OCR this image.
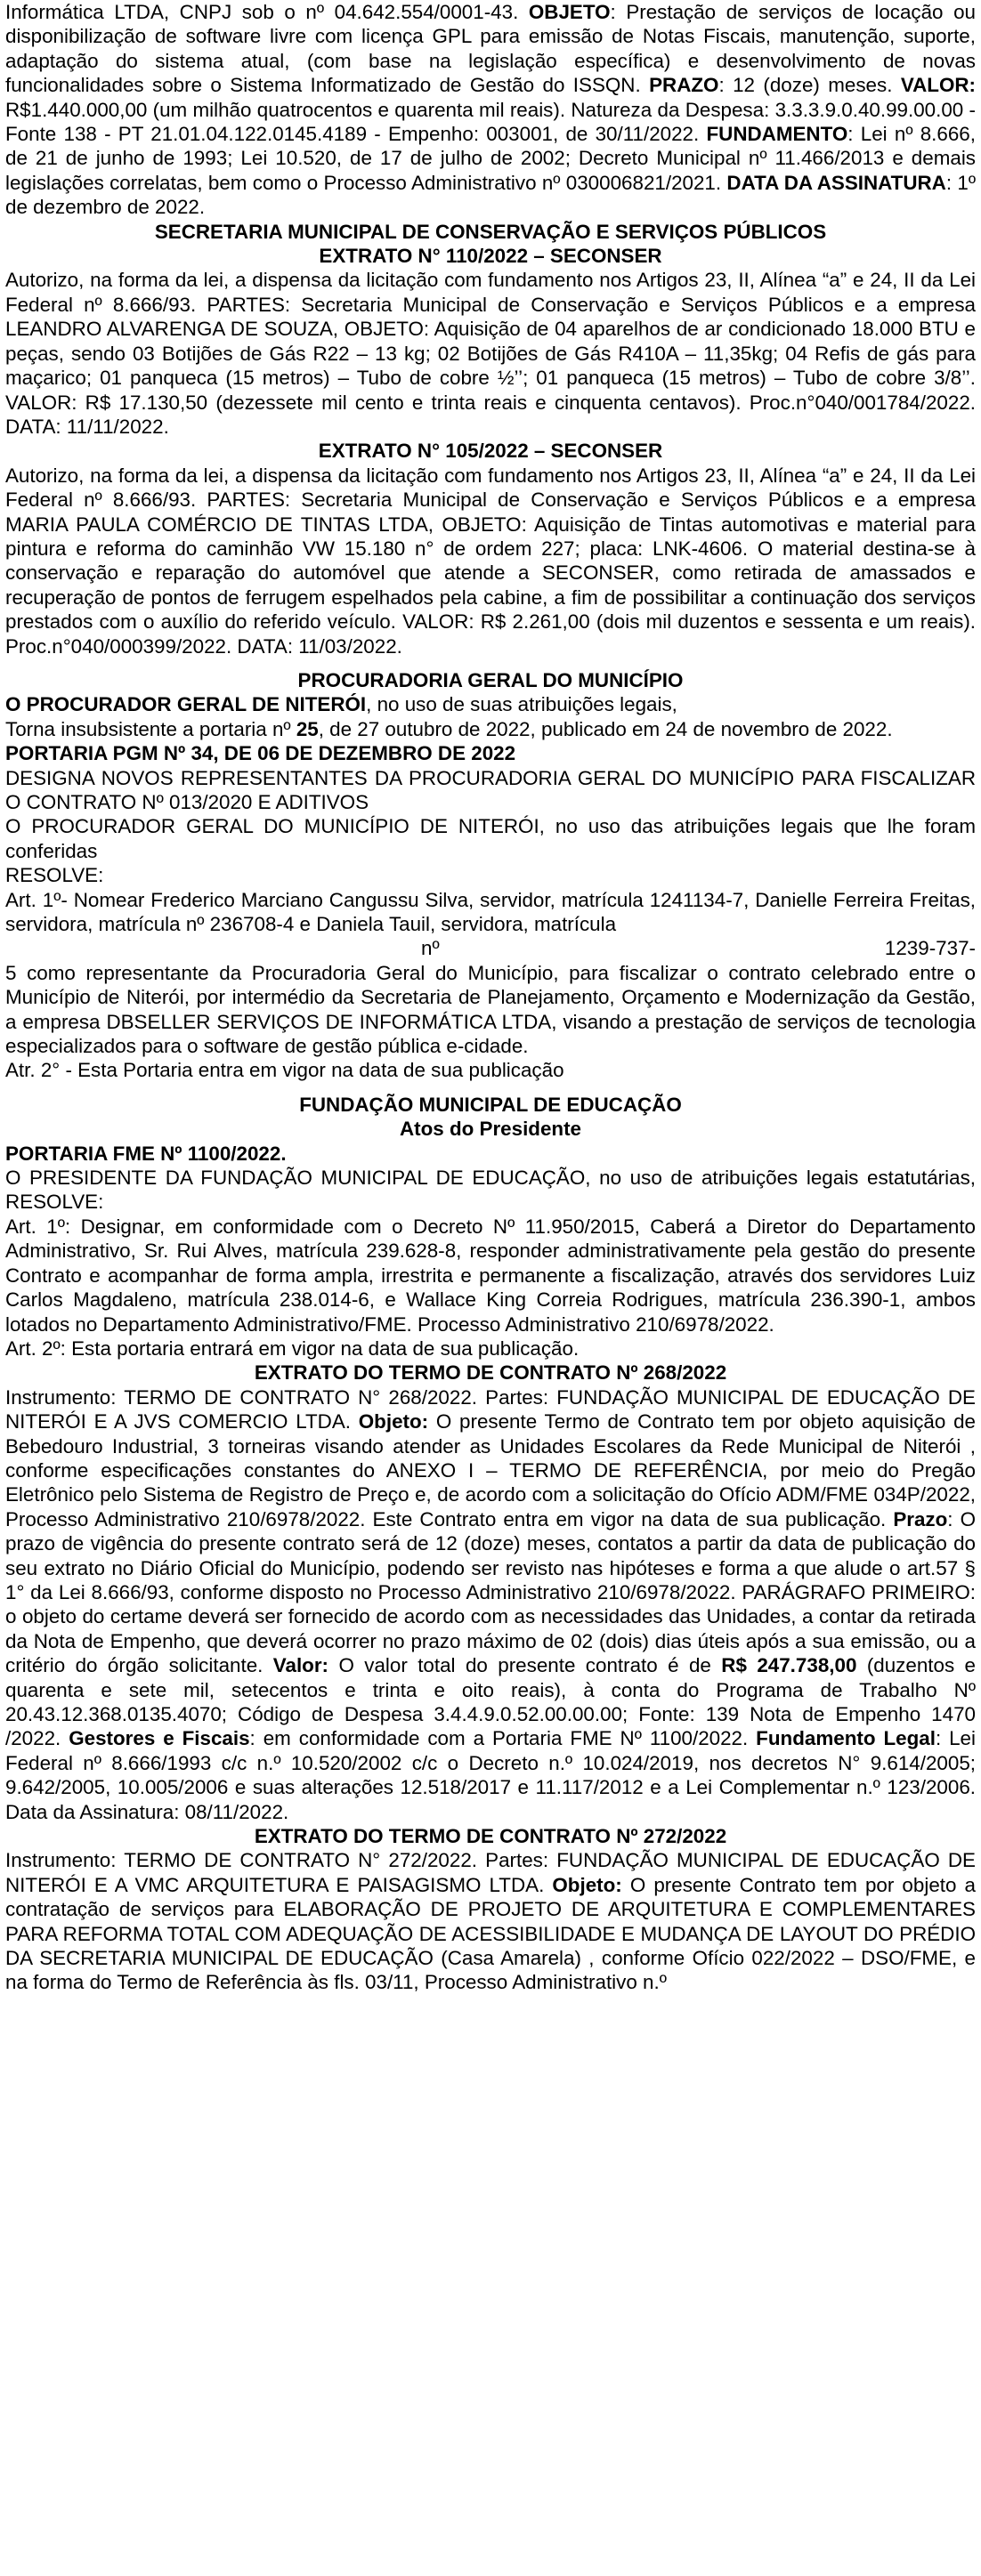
Informática LTDA, CNPJ sob o nº 04.642.554/0001-43. OBJETO: Prestação de serviços de locação ou disponibilização de software livre com licença GPL para emissão de Notas Fiscais, manutenção, suporte, adaptação do sistema atual, (com base na legislação específica) e desenvolvimento de novas funcionalidades sobre o Sistema Informatizado de Gestão do ISSQN. PRAZO: 12 (doze) meses. VALOR: R$1.440.000,00 (um milhão quatrocentos e quarenta mil reais). Natureza da Despesa: 3.3.3.9.0.40.99.00.00 - Fonte 138 - PT 21.01.04.122.0145.4189 - Empenho: 003001, de 30/11/2022. FUNDAMENTO: Lei nº 8.666, de 21 de junho de 1993; Lei 10.520, de 17 de julho de 2002; Decreto Municipal nº 11.466/2013 e demais legislações correlatas, bem como o Processo Administrativo nº 030006821/2021. DATA DA ASSINATURA: 1º de dezembro de 2022.

SECRETARIA MUNICIPAL DE CONSERVAÇÃO E SERVIÇOS PÚBLICOS

EXTRATO N° 110/2022 – SECONSER

Autorizo, na forma da lei, a dispensa da licitação com fundamento nos Artigos 23, II, Alínea “a” e 24, II da Lei Federal nº 8.666/93. PARTES: Secretaria Municipal de Conservação e Serviços Públicos e a empresa LEANDRO ALVARENGA DE SOUZA, OBJETO: Aquisição de 04 aparelhos de ar condicionado 18.000 BTU e peças, sendo 03 Botijões de Gás R22 – 13 kg; 02 Botijões de Gás R410A – 11,35kg; 04 Refis de gás para maçarico; 01 panqueca (15 metros) – Tubo de cobre ½’’; 01 panqueca (15 metros) – Tubo de cobre 3/8’’. VALOR: R$ 17.130,50 (dezessete mil cento e trinta reais e cinquenta centavos). Proc.n°040/001784/2022. DATA: 11/11/2022.

EXTRATO N° 105/2022 – SECONSER

Autorizo, na forma da lei, a dispensa da licitação com fundamento nos Artigos 23, II, Alínea “a” e 24, II da Lei Federal nº 8.666/93. PARTES: Secretaria Municipal de Conservação e Serviços Públicos e a empresa MARIA PAULA COMÉRCIO DE TINTAS LTDA, OBJETO: Aquisição de Tintas automotivas e material para pintura e reforma do caminhão VW 15.180 n° de ordem 227; placa: LNK-4606. O material destina-se à conservação e reparação do automóvel que atende a SECONSER, como retirada de amassados e recuperação de pontos de ferrugem espelhados pela cabine, a fim de possibilitar a continuação dos serviços prestados com o auxílio do referido veículo. VALOR: R$ 2.261,00 (dois mil duzentos e sessenta e um reais). Proc.n°040/000399/2022. DATA: 11/03/2022.

PROCURADORIA GERAL DO MUNICÍPIO

O PROCURADOR GERAL DE NITERÓI, no uso de suas atribuições legais,

Torna insubsistente a portaria nº 25, de 27 outubro de 2022, publicado em 24 de novembro de 2022.

PORTARIA PGM Nº 34, DE 06 DE DEZEMBRO DE 2022

DESIGNA NOVOS REPRESENTANTES DA PROCURADORIA GERAL DO MUNICÍPIO PARA FISCALIZAR O CONTRATO Nº 013/2020 E ADITIVOS

O PROCURADOR GERAL DO MUNICÍPIO DE NITERÓI, no uso das atribuições legais que lhe foram conferidas

RESOLVE:

Art. 1º- Nomear Frederico Marciano Cangussu Silva, servidor, matrícula 1241134-7, Danielle Ferreira Freitas, servidora, matrícula nº 236708-4 e Daniela Tauil, servidora, matrícula

nº	1239-737-

5 como representante da Procuradoria Geral do Município, para fiscalizar o contrato celebrado entre o Município de Niterói, por intermédio da Secretaria de Planejamento, Orçamento e Modernização da Gestão, a empresa DBSELLER SERVIÇOS DE INFORMÁTICA LTDA, visando a prestação de serviços de tecnologia especializados para o software de gestão pública e-cidade.

Atr. 2° - Esta Portaria entra em vigor na data de sua publicação

FUNDAÇÃO MUNICIPAL DE EDUCAÇÃO

Atos do Presidente

PORTARIA FME Nº 1100/2022.

O PRESIDENTE DA FUNDAÇÃO MUNICIPAL DE EDUCAÇÃO, no uso de atribuições legais estatutárias, RESOLVE:

Art. 1º: Designar, em conformidade com o Decreto Nº 11.950/2015, Caberá a Diretor do Departamento Administrativo, Sr. Rui Alves, matrícula 239.628-8, responder administrativamente pela gestão do presente Contrato e acompanhar de forma ampla, irrestrita e permanente a fiscalização, através dos servidores Luiz Carlos Magdaleno, matrícula 238.014-6, e Wallace King Correia Rodrigues, matrícula 236.390-1, ambos lotados no Departamento Administrativo/FME. Processo Administrativo 210/6978/2022.

Art. 2º: Esta portaria entrará em vigor na data de sua publicação.

EXTRATO DO TERMO DE CONTRATO Nº 268/2022

Instrumento: TERMO DE CONTRATO N° 268/2022. Partes: FUNDAÇÃO MUNICIPAL DE EDUCAÇÃO DE NITERÓI E A JVS COMERCIO LTDA. Objeto: O presente Termo de Contrato tem por objeto aquisição de Bebedouro Industrial, 3 torneiras visando atender as Unidades Escolares da Rede Municipal de Niterói , conforme especificações constantes do ANEXO I – TERMO DE REFERÊNCIA, por meio do Pregão Eletrônico pelo Sistema de Registro de Preço e, de acordo com a solicitação do Ofício ADM/FME 034P/2022, Processo Administrativo 210/6978/2022. Este Contrato entra em vigor na data de sua publicação. Prazo: O prazo de vigência do presente contrato será de 12 (doze) meses, contatos a partir da data de publicação do seu extrato no Diário Oficial do Município, podendo ser revisto nas hipóteses e forma a que alude o art.57 § 1° da Lei 8.666/93, conforme disposto no Processo Administrativo 210/6978/2022. PARÁGRAFO PRIMEIRO: o objeto do certame deverá ser fornecido de acordo com as necessidades das Unidades, a contar da retirada da Nota de Empenho, que deverá ocorrer no prazo máximo de 02 (dois) dias úteis após a sua emissão, ou a critério do órgão solicitante. Valor: O valor total do presente contrato é de R$ 247.738,00 (duzentos e quarenta e sete mil, setecentos e trinta e oito reais), à conta do Programa de Trabalho Nº 20.43.12.368.0135.4070; Código de Despesa 3.4.4.9.0.52.00.00.00; Fonte: 139 Nota de Empenho 1470 /2022. Gestores e Fiscais: em conformidade com a Portaria FME Nº 1100/2022. Fundamento Legal: Lei Federal nº 8.666/1993 c/c n.º 10.520/2002 c/c o Decreto n.º 10.024/2019, nos decretos N° 9.614/2005; 9.642/2005, 10.005/2006 e suas alterações 12.518/2017 e 11.117/2012 e a Lei Complementar n.º 123/2006. Data da Assinatura: 08/11/2022.

EXTRATO DO TERMO DE CONTRATO Nº 272/2022

Instrumento: TERMO DE CONTRATO N° 272/2022. Partes: FUNDAÇÃO MUNICIPAL DE EDUCAÇÃO DE NITERÓI E A VMC ARQUITETURA E PAISAGISMO LTDA. Objeto: O presente Contrato tem por objeto a contratação de serviços para ELABORAÇÃO DE PROJETO DE ARQUITETURA E COMPLEMENTARES PARA REFORMA TOTAL COM ADEQUAÇÃO DE ACESSIBILIDADE E MUDANÇA DE LAYOUT DO PRÉDIO DA SECRETARIA MUNICIPAL DE EDUCAÇÃO (Casa Amarela) , conforme Ofício 022/2022 – DSO/FME, e na forma do Termo de Referência às fls. 03/11, Processo Administrativo n.º
